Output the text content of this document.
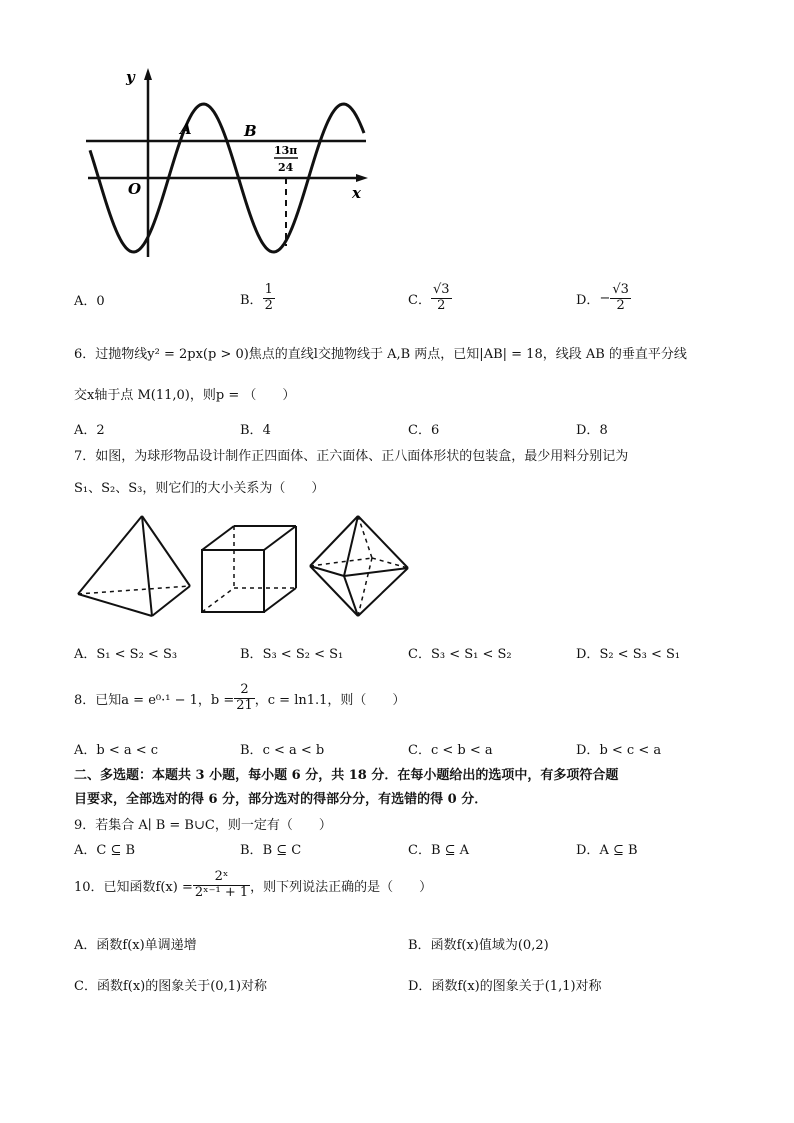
y
x
O
A	B
13π
24
A．0	B． $\frac{1}{2}$	C． $\frac{√3}{2}$	D．− $\frac{√3}{2}$
6．过抛物线y² = 2px(p > 0)焦点的直线l交抛物线于 A,B 两点，已知|AB| = 18，线段 AB 的垂直平分线
交x轴于点 M(11,0)，则p = （　　）
A．2	B．4	C．6	D．8
7．如图，为球形物品设计制作正四面体、正六面体、正八面体形状的包装盒，最少用料分别记为
S₁、S₂、S₃，则它们的大小关系为（　　）
A．S₁ < S₂ < S₃	B．S₃ < S₂ < S₁	C．S₃ < S₁ < S₂	D．S₂ < S₃ < S₁
8．已知a = e⁰·¹ − 1，$b = \frac{2}{21}$ ，c = ln1.1，则（　　）
A．b < a < c	B．c < a < b	C．c < b < a	D．b < c < a
二、多选题：本题共 3 小题，每小题 6 分，共 18 分．在每小题给出的选项中，有多项符合题
目要求，全部选对的得 6 分，部分选对的得部分分，有选错的得 0 分．
9．若集合 A∣ B = B∪C，则一定有（　　）
A．C ⊆ B	B．B ⊆ C	C．B ⊆ A	D．A ⊆ B
10．已知函数$f(x) = \frac{\text{2ˣ}}{\text{2ˣ⁻¹ + 1}}$ ，则下列说法正确的是（　　）
A．函数f(x)单调递增	B．函数f(x)值域为(0,2)
C．函数f(x)的图象关于(0,1)对称	D．函数f(x)的图象关于(1,1)对称
